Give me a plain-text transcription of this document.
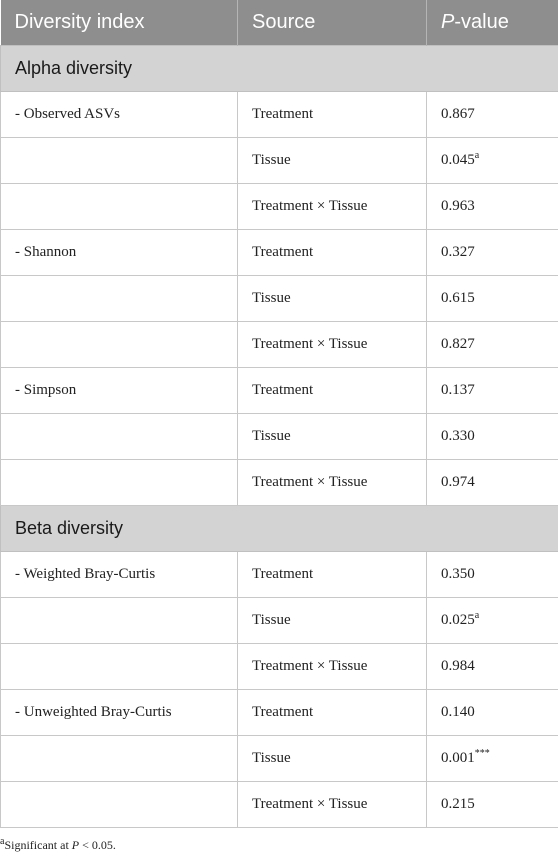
Diversity index	Source	P-value
Alpha diversity		
- Observed ASVs	Treatment	0.867
	Tissue	0.045$^a$
	Treatment × Tissue	0.963
- Shannon	Treatment	0.327
	Tissue	0.615
	Treatment × Tissue	0.827
- Simpson	Treatment	0.137
	Tissue	0.330
	Treatment × Tissue	0.974
Beta diversity		
- Weighted Bray-Curtis	Treatment	0.350
	Tissue	0.025$^a$
	Treatment × Tissue	0.984
- Unweighted Bray-Curtis	Treatment	0.140
	Tissue	0.001***
	Treatment × Tissue	0.215
$^a$Significant at P < 0.05.
